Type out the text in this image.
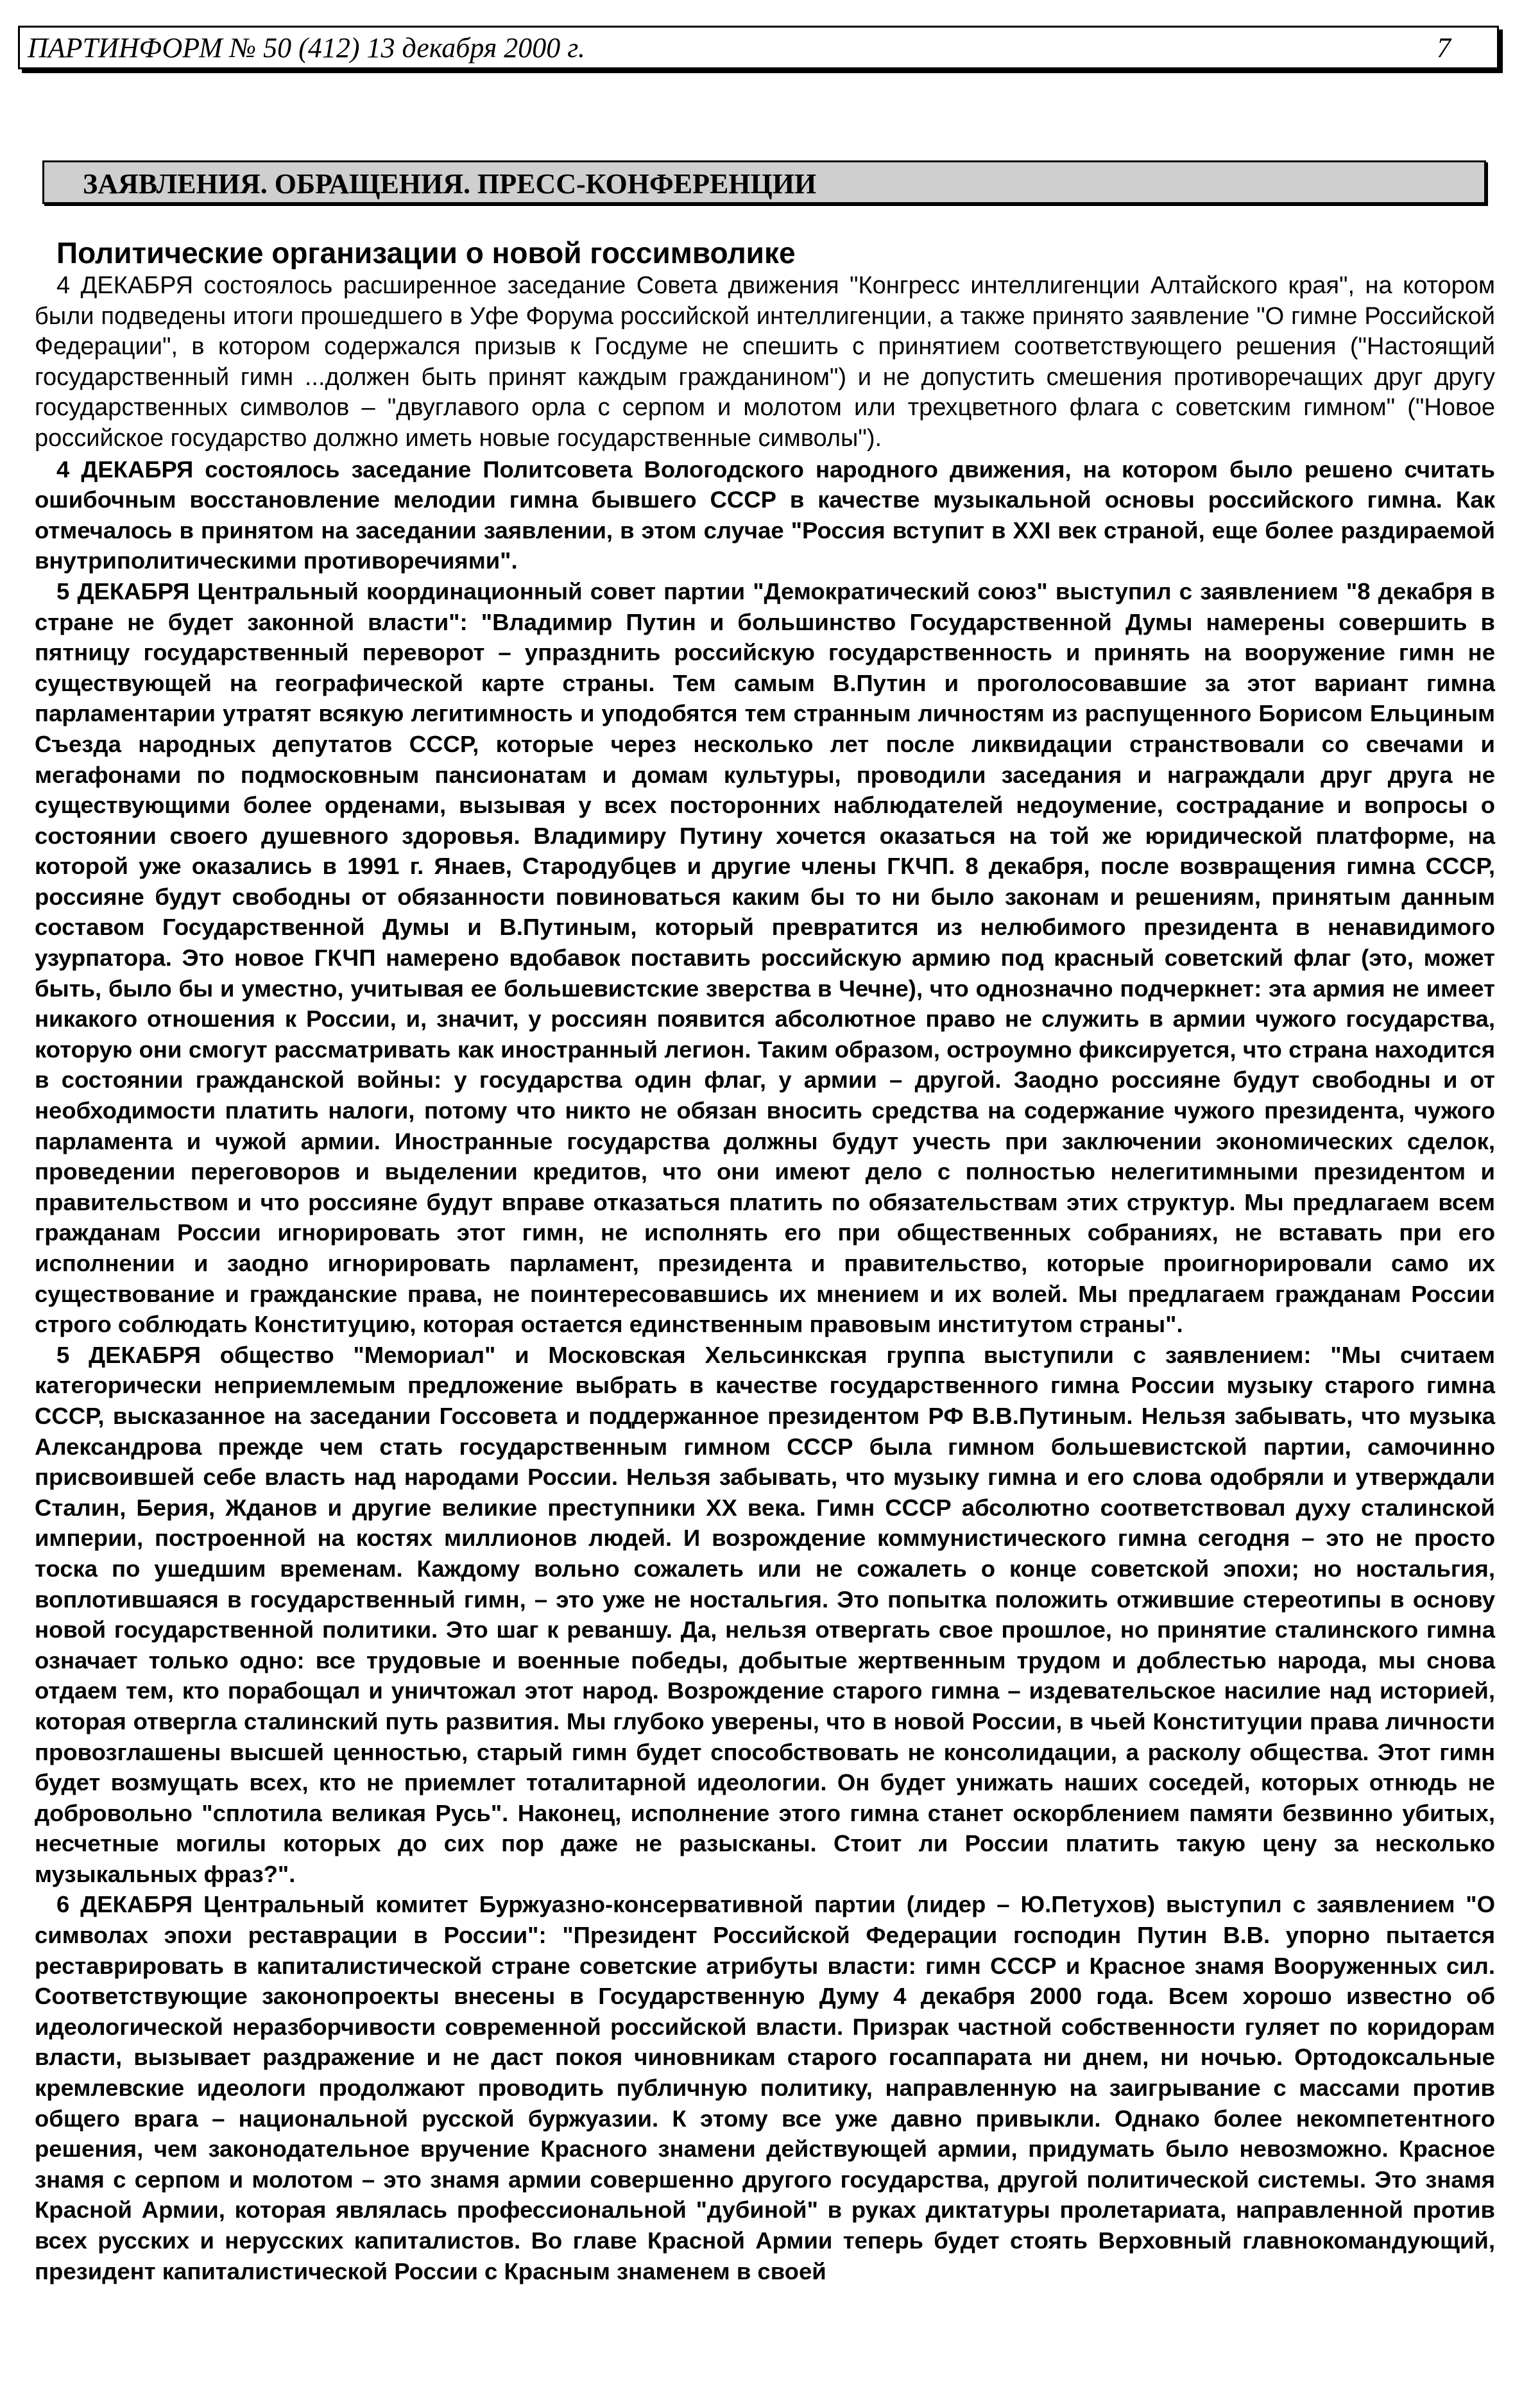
ПАРТИНФОРМ № 50 (412) 13 декабря 2000 г.	7
ЗАЯВЛЕНИЯ. ОБРАЩЕНИЯ. ПРЕСС-КОНФЕРЕНЦИИ
Политические организации о новой госсимволике

4 ДЕКАБРЯ состоялось расширенное заседание Совета движения "Конгресс интеллигенции Алтайского края", на котором были подведены итоги прошедшего в Уфе Форума российской интеллигенции, а также принято заявление "О гимне Российской Федерации", в котором содержался призыв к Госдуме не спешить с принятием соответствующего решения ("Настоящий государственный гимн ...должен быть принят каждым гражданином") и не допустить смешения противоречащих друг другу государственных символов – "двуглавого орла с серпом и молотом или трехцветного флага с советским гимном" ("Новое российское государство должно иметь новые государственные символы").

4 ДЕКАБРЯ состоялось заседание Политсовета Вологодского народного движения, на котором было решено считать ошибочным восстановление мелодии гимна бывшего СССР в качестве музыкальной основы российского гимна. Как отмечалось в принятом на заседании заявлении, в этом случае "Россия вступит в XXI век страной, еще более раздираемой внутриполитическими противоречиями".

5 ДЕКАБРЯ Центральный координационный совет партии "Демократический союз" выступил с заявлением "8 декабря в стране не будет законной власти": "Владимир Путин и большинство Государственной Думы намерены совершить в пятницу государственный переворот – упразднить российскую государственность и принять на вооружение гимн не существующей на географической карте страны. Тем самым В.Путин и проголосовавшие за этот вариант гимна парламентарии утратят всякую легитимность и уподобятся тем странным личностям из распущенного Борисом Ельциным Съезда народных депутатов СССР, которые через несколько лет после ликвидации странствовали со свечами и мегафонами по подмосковным пансионатам и домам культуры, проводили заседания и награждали друг друга не существующими более орденами, вызывая у всех посторонних наблюдателей недоумение, сострадание и вопросы о состоянии своего душевного здоровья. Владимиру Путину хочется оказаться на той же юридической платформе, на которой уже оказались в 1991 г. Янаев, Стародубцев и другие члены ГКЧП. 8 декабря, после возвращения гимна СССР, россияне будут свободны от обязанности повиноваться каким бы то ни было законам и решениям, принятым данным составом Государственной Думы и В.Путиным, который превратится из нелюбимого президента в ненавидимого узурпатора. Это новое ГКЧП намерено вдобавок поставить российскую армию под красный советский флаг (это, может быть, было бы и уместно, учитывая ее большевистские зверства в Чечне), что однозначно подчеркнет: эта армия не имеет никакого отношения к России, и, значит, у россиян появится абсолютное право не служить в армии чужого государства, которую они смогут рассматривать как иностранный легион. Таким образом, остроумно фиксируется, что страна находится в состоянии гражданской войны: у государства один флаг, у армии – другой. Заодно россияне будут свободны и от необходимости платить налоги, потому что никто не обязан вносить средства на содержание чужого президента, чужого парламента и чужой армии. Иностранные государства должны будут учесть при заключении экономических сделок, проведении переговоров и выделении кредитов, что они имеют дело с полностью нелегитимными президентом и правительством и что россияне будут вправе отказаться платить по обязательствам этих структур. Мы предлагаем всем гражданам России игнорировать этот гимн, не исполнять его при общественных собраниях, не вставать при его исполнении и заодно игнорировать парламент, президента и правительство, которые проигнорировали само их существование и гражданские права, не поинтересовавшись их мнением и их волей. Мы предлагаем гражданам России строго соблюдать Конституцию, которая остается единственным правовым институтом страны".

5 ДЕКАБРЯ общество "Мемориал" и Московская Хельсинкская группа выступили с заявлением: "Мы считаем категорически неприемлемым предложение выбрать в качестве государственного гимна России музыку старого гимна СССР, высказанное на заседании Госсовета и поддержанное президентом РФ В.В.Путиным. Нельзя забывать, что музыка Александрова прежде чем стать государственным гимном СССР была гимном большевистской партии, самочинно присвоившей себе власть над народами России. Нельзя забывать, что музыку гимна и его слова одобряли и утверждали Сталин, Берия, Жданов и другие великие преступники XX века. Гимн СССР абсолютно соответствовал духу сталинской империи, построенной на костях миллионов людей. И возрождение коммунистического гимна сегодня – это не просто тоска по ушедшим временам. Каждому вольно сожалеть или не сожалеть о конце советской эпохи; но ностальгия, воплотившаяся в государственный гимн, – это уже не ностальгия. Это попытка положить отжившие стереотипы в основу новой государственной политики. Это шаг к реваншу. Да, нельзя отвергать свое прошлое, но принятие сталинского гимна означает только одно: все трудовые и военные победы, добытые жертвенным трудом и доблестью народа, мы снова отдаем тем, кто порабощал и уничтожал этот народ. Возрождение старого гимна – издевательское насилие над историей, которая отвергла сталинский путь развития. Мы глубоко уверены, что в новой России, в чьей Конституции права личности провозглашены высшей ценностью, старый гимн будет способствовать не консолидации, а расколу общества. Этот гимн будет возмущать всех, кто не приемлет тоталитарной идеологии. Он будет унижать наших соседей, которых отнюдь не добровольно "сплотила великая Русь". Наконец, исполнение этого гимна станет оскорблением памяти безвинно убитых, несчетные могилы которых до сих пор даже не разысканы. Стоит ли России платить такую цену за несколько музыкальных фраз?".

6 ДЕКАБРЯ Центральный комитет Буржуазно-консервативной партии (лидер – Ю.Петухов) выступил с заявлением "О символах эпохи реставрации в России": "Президент Российской Федерации господин Путин В.В. упорно пытается реставрировать в капиталистической стране советские атрибуты власти: гимн СССР и Красное знамя Вооруженных сил. Соответствующие законопроекты внесены в Государственную Думу 4 декабря 2000 года. Всем хорошо известно об идеологической неразборчивости современной российской власти. Призрак частной собственности гуляет по коридорам власти, вызывает раздражение и не даст покоя чиновникам старого госаппарата ни днем, ни ночью. Ортодоксальные кремлевские идеологи продолжают проводить публичную политику, направленную на заигрывание с массами против общего врага – национальной русской буржуазии. К этому все уже давно привыкли. Однако более некомпетентного решения, чем законодательное вручение Красного знамени действующей армии, придумать было невозможно. Красное знамя с серпом и молотом – это знамя армии совершенно другого государства, другой политической системы. Это знамя Красной Армии, которая являлась профессиональной "дубиной" в руках диктатуры пролетариата, направленной против всех русских и нерусских капиталистов. Во главе Красной Армии теперь будет стоять Верховный главнокомандующий, президент капиталистической России с Красным знаменем в своей
